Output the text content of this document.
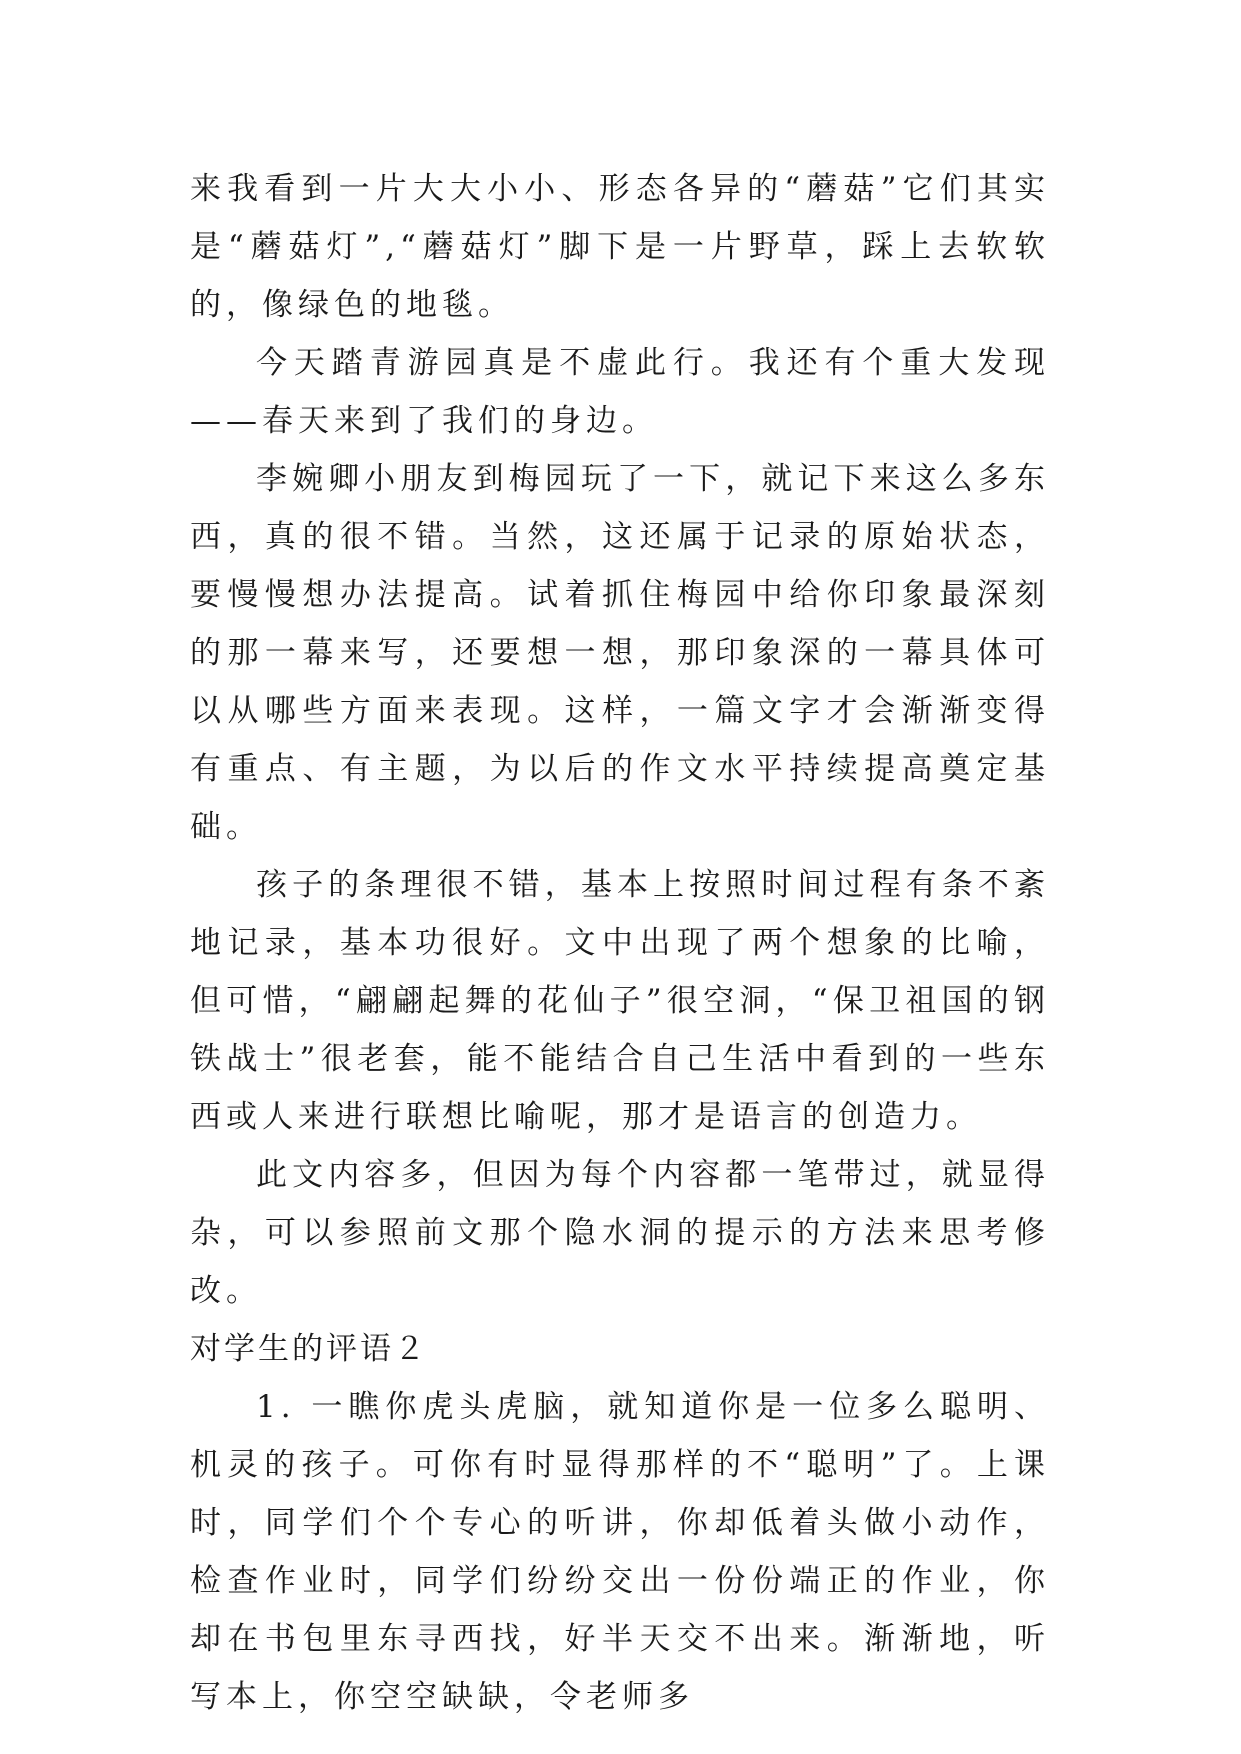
来我看到一片大大小小、形态各异的“蘑菇”它们其实是“蘑菇灯”,“蘑菇灯”脚下是一片野草，踩上去软软的，像绿色的地毯。

今天踏青游园真是不虚此行。我还有个重大发现——春天来到了我们的身边。

李婉卿小朋友到梅园玩了一下，就记下来这么多东西，真的很不错。当然，这还属于记录的原始状态，要慢慢想办法提高。试着抓住梅园中给你印象最深刻的那一幕来写，还要想一想，那印象深的一幕具体可以从哪些方面来表现。这样，一篇文字才会渐渐变得有重点、有主题，为以后的作文水平持续提高奠定基础。

孩子的条理很不错，基本上按照时间过程有条不紊地记录，基本功很好。文中出现了两个想象的比喻，但可惜，“翩翩起舞的花仙子”很空洞，“保卫祖国的钢铁战士”很老套，能不能结合自己生活中看到的一些东西或人来进行联想比喻呢，那才是语言的创造力。

此文内容多，但因为每个内容都一笔带过，就显得杂，可以参照前文那个隐水洞的提示的方法来思考修改。

对学生的评语２

1. 一瞧你虎头虎脑，就知道你是一位多么聪明、机灵的孩子。可你有时显得那样的不“聪明”了。上课时，同学们个个专心的听讲，你却低着头做小动作，检查作业时，同学们纷纷交出一份份端正的作业，你却在书包里东寻西找，好半天交不出来。渐渐地，听写本上，你空空缺缺，令老师多
